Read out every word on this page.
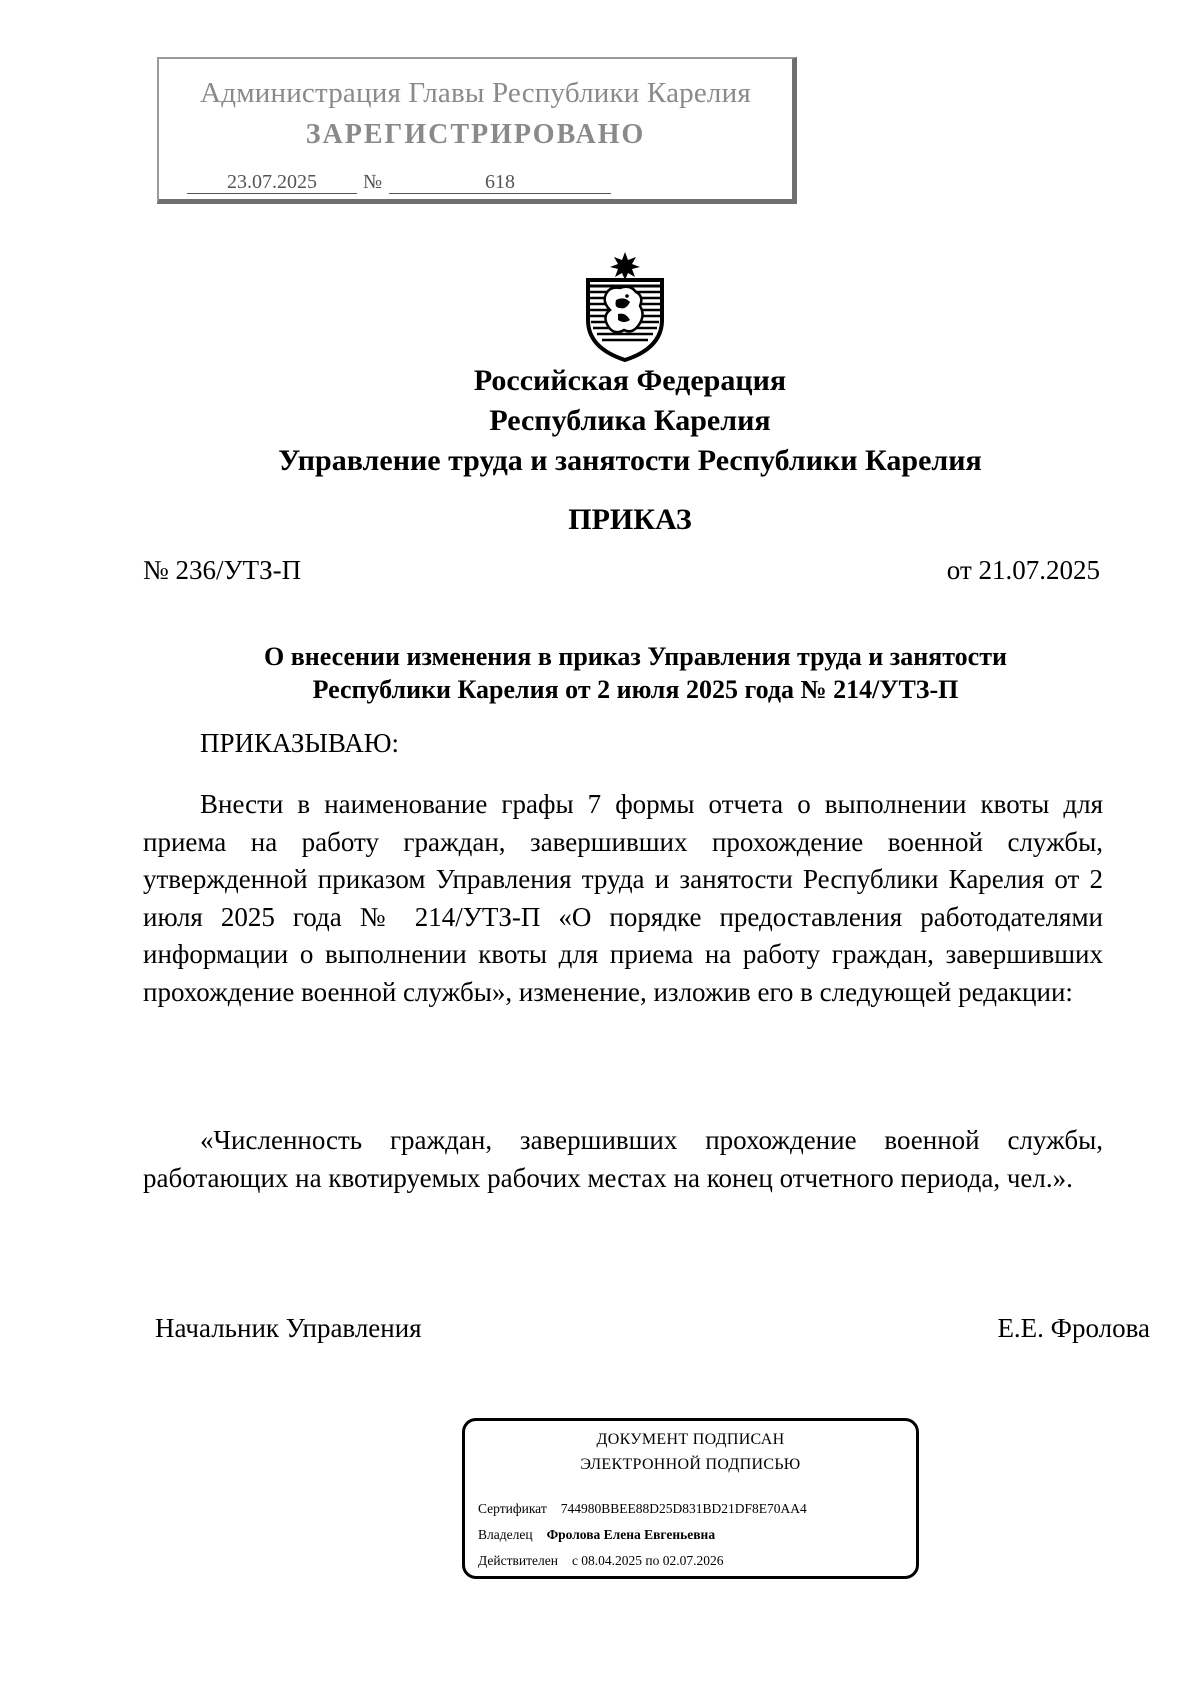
Администрация Главы Республики Карелия
ЗАРЕГИСТРИРОВАНО
23.07.2025	№	618
Российская Федерация
Республика Карелия
Управление труда и занятости Республики Карелия
ПРИКАЗ
№ 236/УТЗ-П	от 21.07.2025
О внесении изменения в приказ Управления труда и занятости
Республики Карелия от 2 июля 2025 года № 214/УТЗ-П
ПРИКАЗЫВАЮ:
Внести в наименование графы 7 формы отчета о выполнении квоты для приема на работу граждан, завершивших прохождение военной службы, утвержденной приказом Управления труда и занятости Республики Карелия от 2 июля 2025 года № 214/УТЗ-П «О порядке предоставления работодателями информации о выполнении квоты для приема на работу граждан, завершивших прохождение военной службы», изменение, изложив его в следующей редакции:
«Численность граждан, завершивших прохождение военной службы, работающих на квотируемых рабочих местах на конец отчетного периода, чел.».
Начальник Управления	Е.Е. Фролова
ДОКУМЕНТ ПОДПИСАН
ЭЛЕКТРОННОЙ ПОДПИСЬЮ
Сертификат 744980BBEE88D25D831BD21DF8E70AA4
Владелец Фролова Елена Евгеньевна
Действителен с 08.04.2025 по 02.07.2026
